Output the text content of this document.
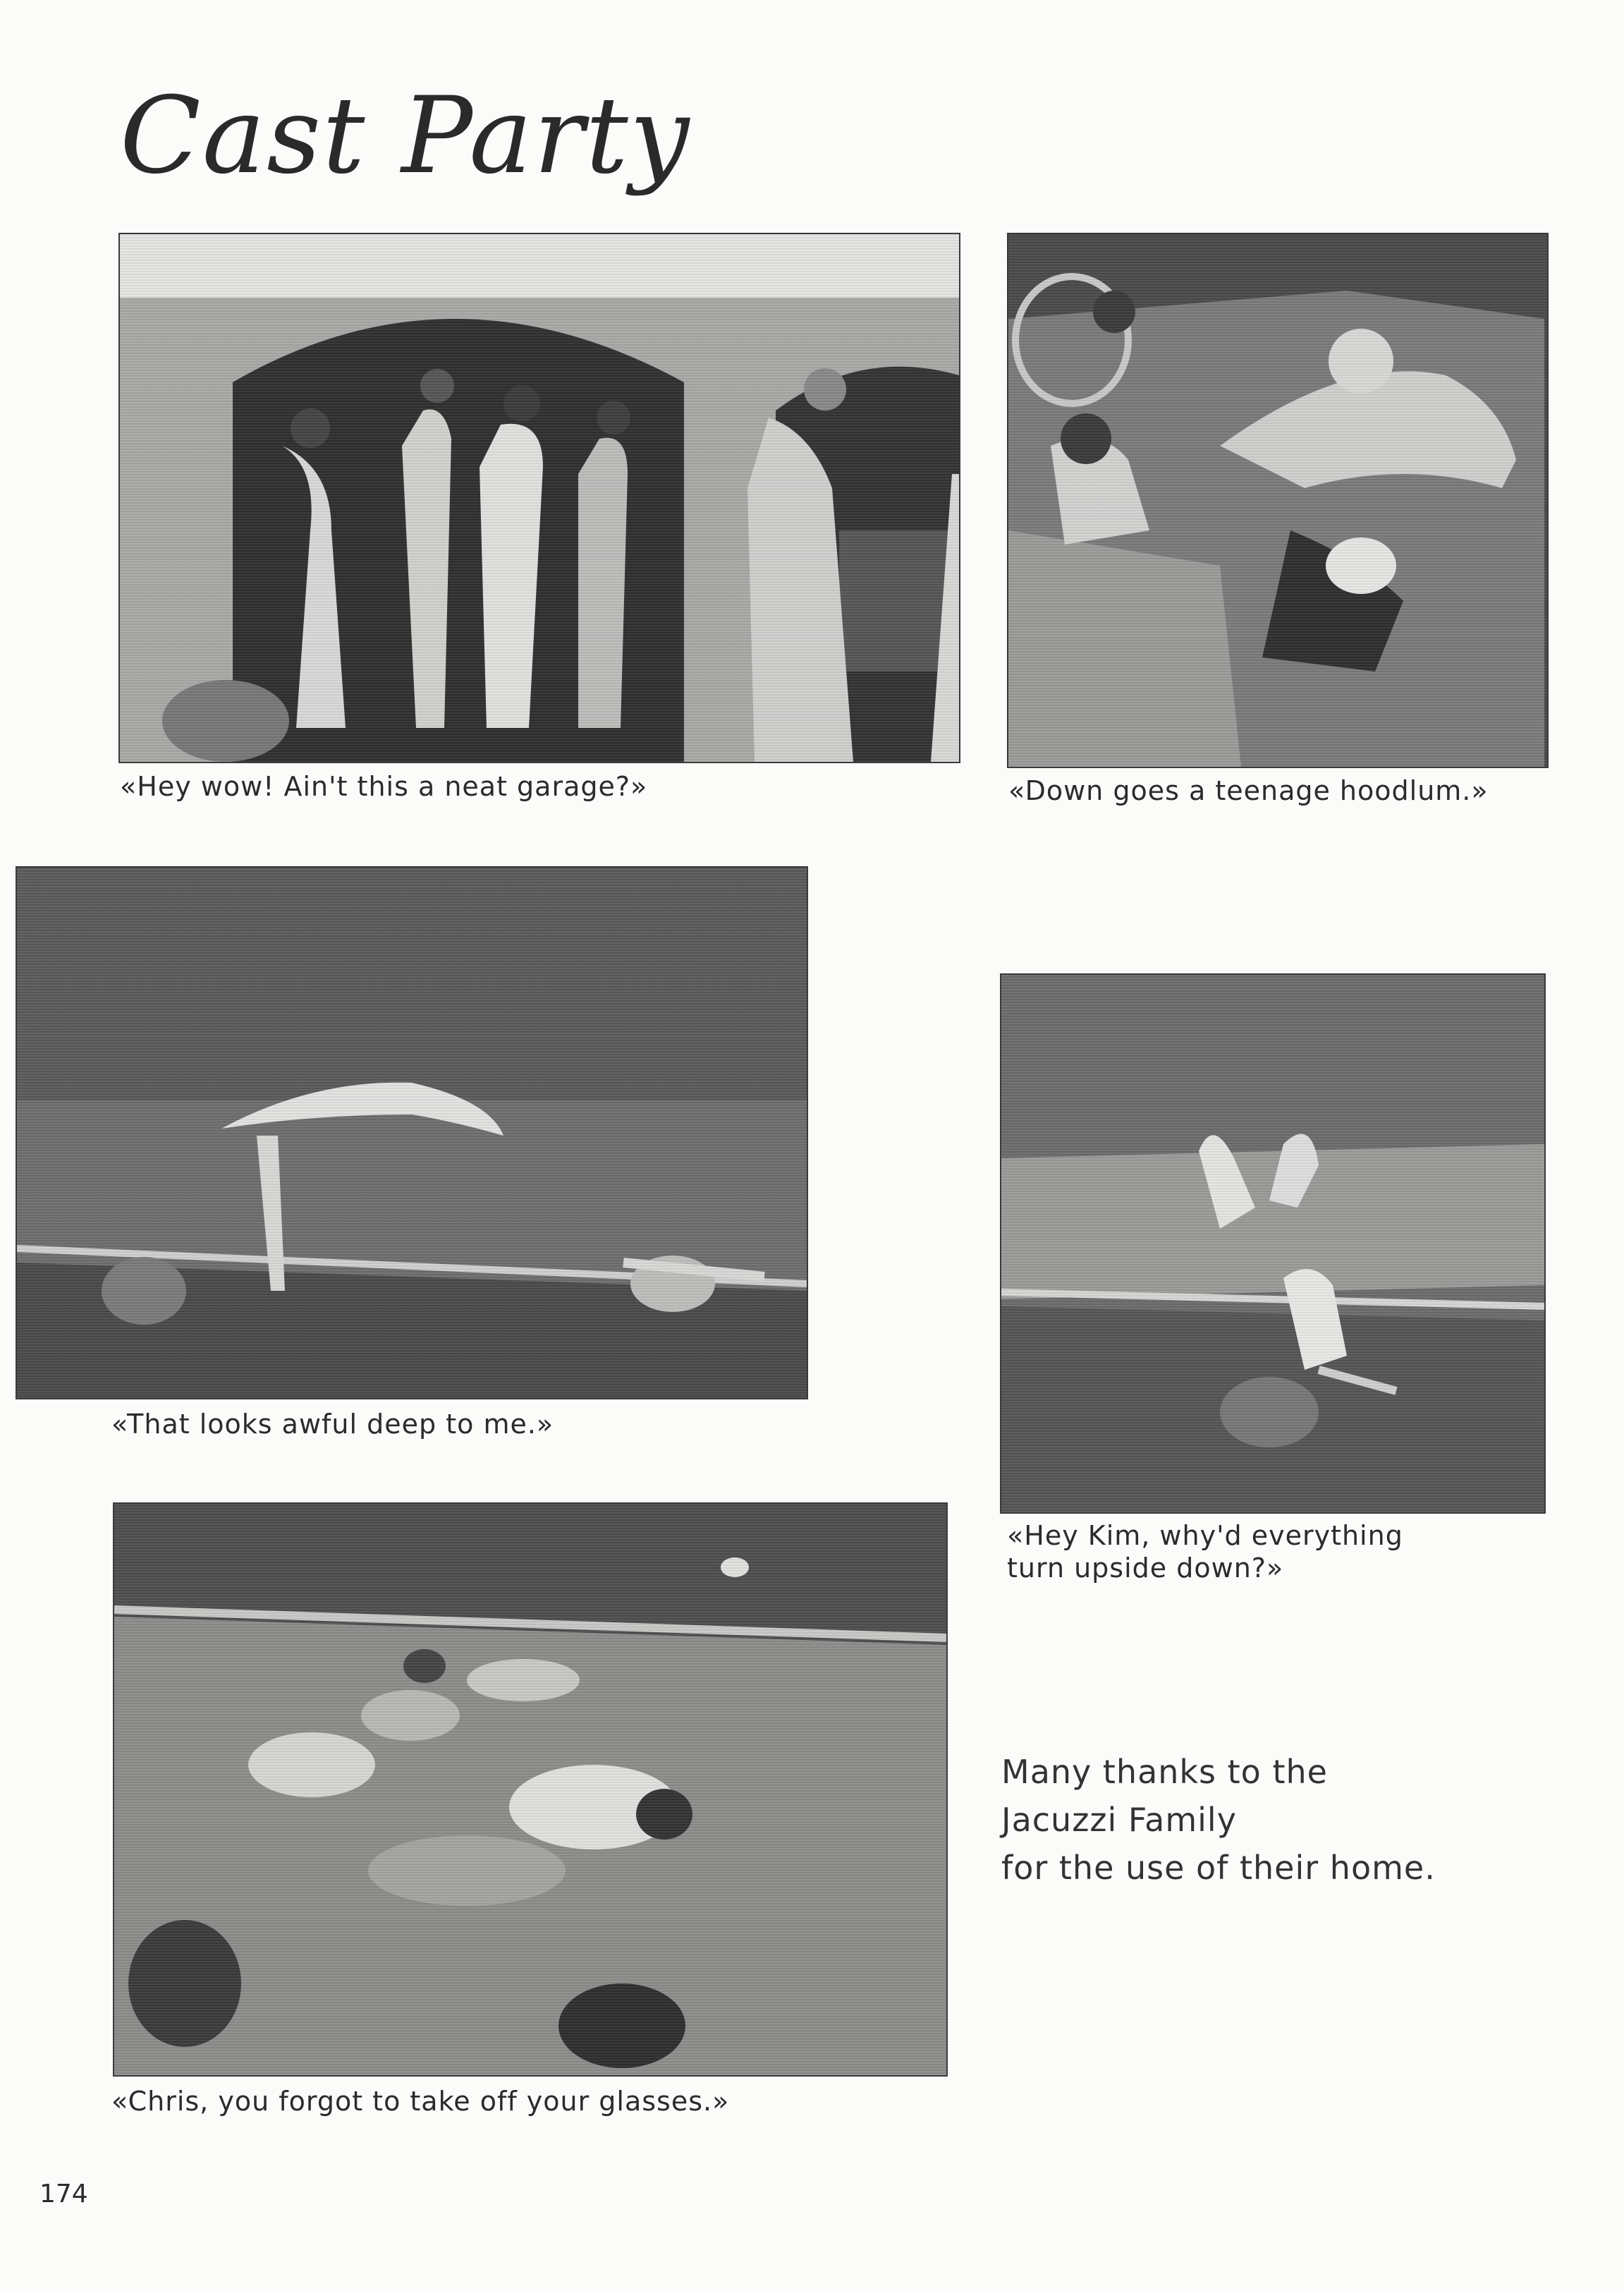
Cast Party
«Hey wow! Ain't this a neat garage?»	«Down goes a teenage hoodlum.»
«That looks awful deep to me.»
«Hey Kim, why'd everything
turn upside down?»
«Chris, you forgot to take off your glasses.»
Many thanks to the
Jacuzzi Family
for the use of their home.
174
